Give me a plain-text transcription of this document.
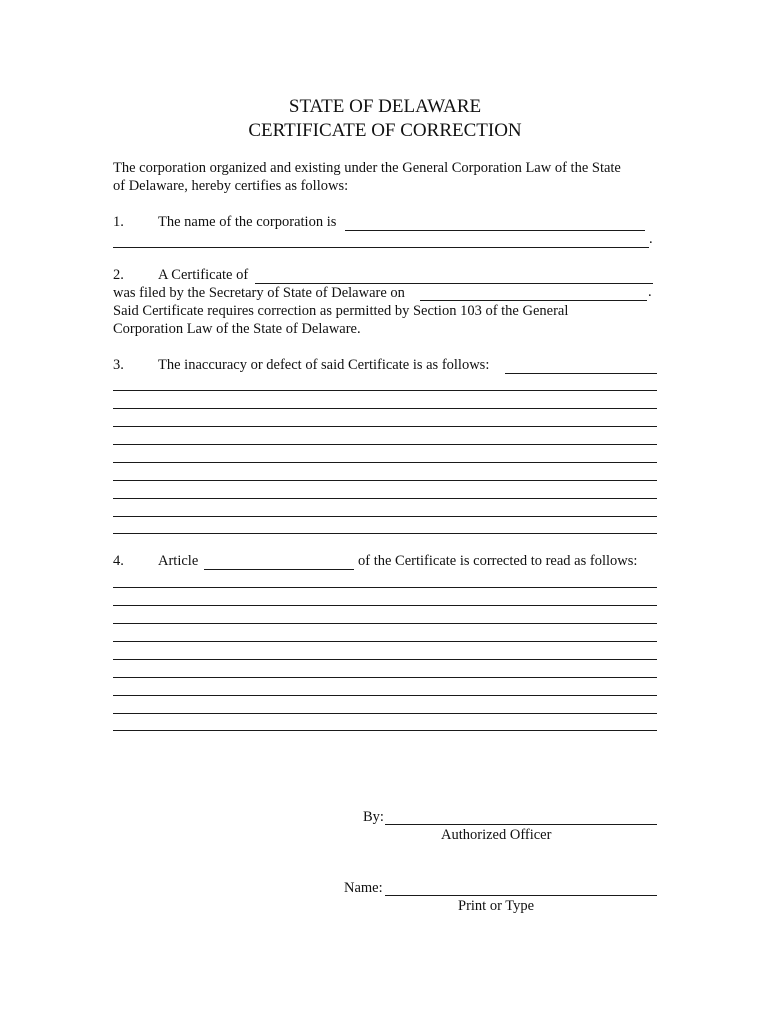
STATE OF DELAWARE
CERTIFICATE OF CORRECTION
The corporation organized and existing under the General Corporation Law of the State
of Delaware, hereby certifies as follows:
1. The name of the corporation is
.
2. A Certificate of
was filed by the Secretary of State of Delaware on	.
Said Certificate requires correction as permitted by Section 103 of the General
Corporation Law of the State of Delaware.
3. The inaccuracy or defect of said Certificate is as follows:
4. Article	of the Certificate is corrected to read as follows:
By:
Authorized Officer
Name:
Print or Type
